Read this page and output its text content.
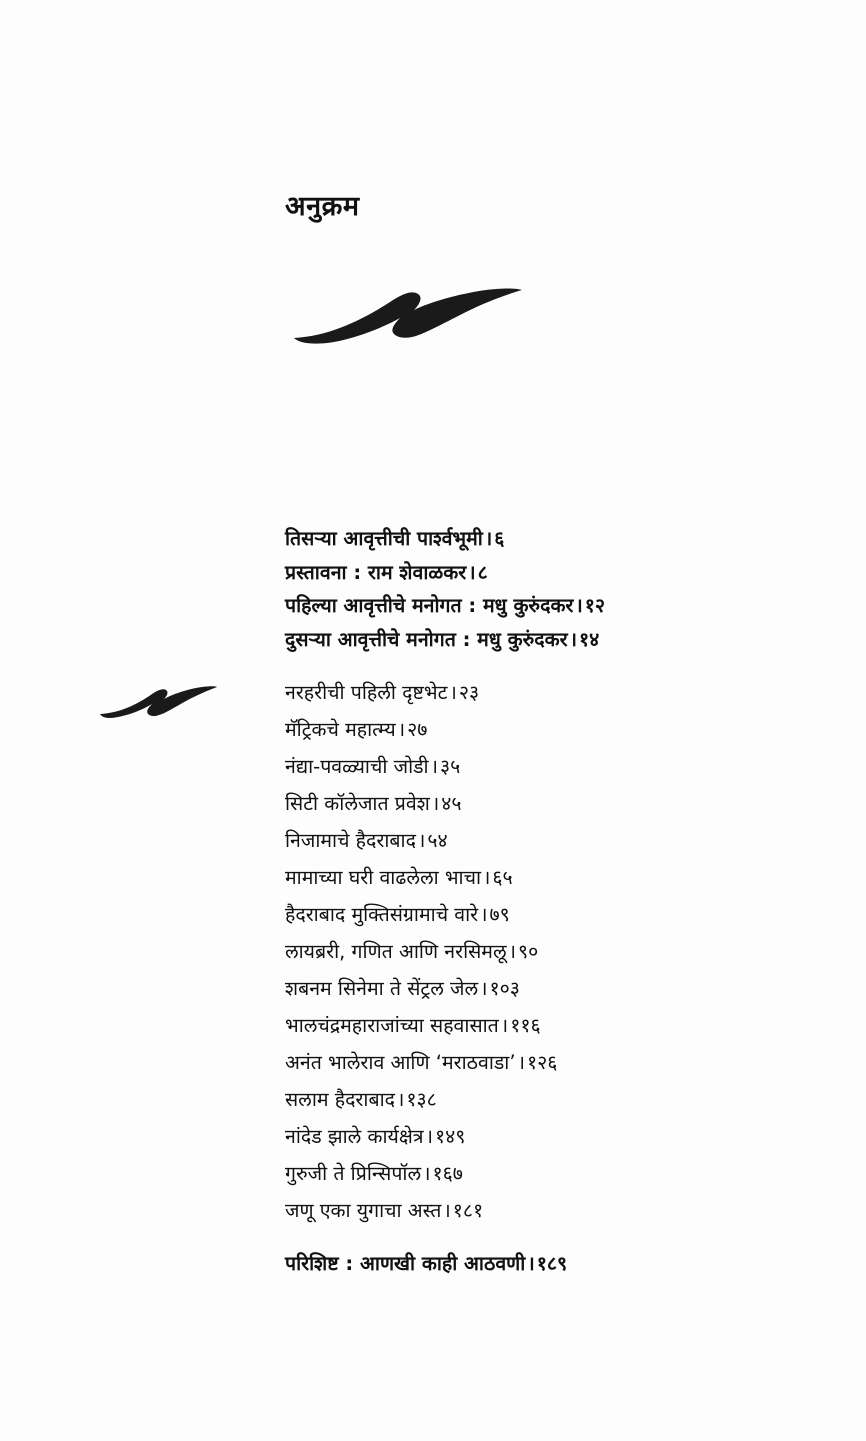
अनुक्रम
तिसऱ्या आवृत्तीची पार्श्वभूमी । ६
प्रस्तावना : राम शेवाळकर । ८
पहिल्या आवृत्तीचे मनोगत : मधु कुरुंदकर । १२
दुसऱ्या आवृत्तीचे मनोगत : मधु कुरुंदकर । १४
नरहरीची पहिली दृष्टभेट । २३
मॅट्रिकचे महात्म्य । २७
नंद्या-पवळ्याची जोडी । ३५
सिटी कॉलेजात प्रवेश । ४५
निजामाचे हैदराबाद । ५४
मामाच्या घरी वाढलेला भाचा । ६५
हैदराबाद मुक्तिसंग्रामाचे वारे । ७९
लायब्ररी, गणित आणि नरसिमलू । ९०
शबनम सिनेमा ते सेंट्रल जेल । १०३
भालचंद्रमहाराजांच्या सहवासात । ११६
अनंत भालेराव आणि ‘मराठवाडा’ । १२६
सलाम हैदराबाद । १३८
नांदेड झाले कार्यक्षेत्र । १४९
गुरुजी ते प्रिन्सिपॉल । १६७
जणू एका युगाचा अस्त । १८१
परिशिष्ट : आणखी काही आठवणी । १८९
